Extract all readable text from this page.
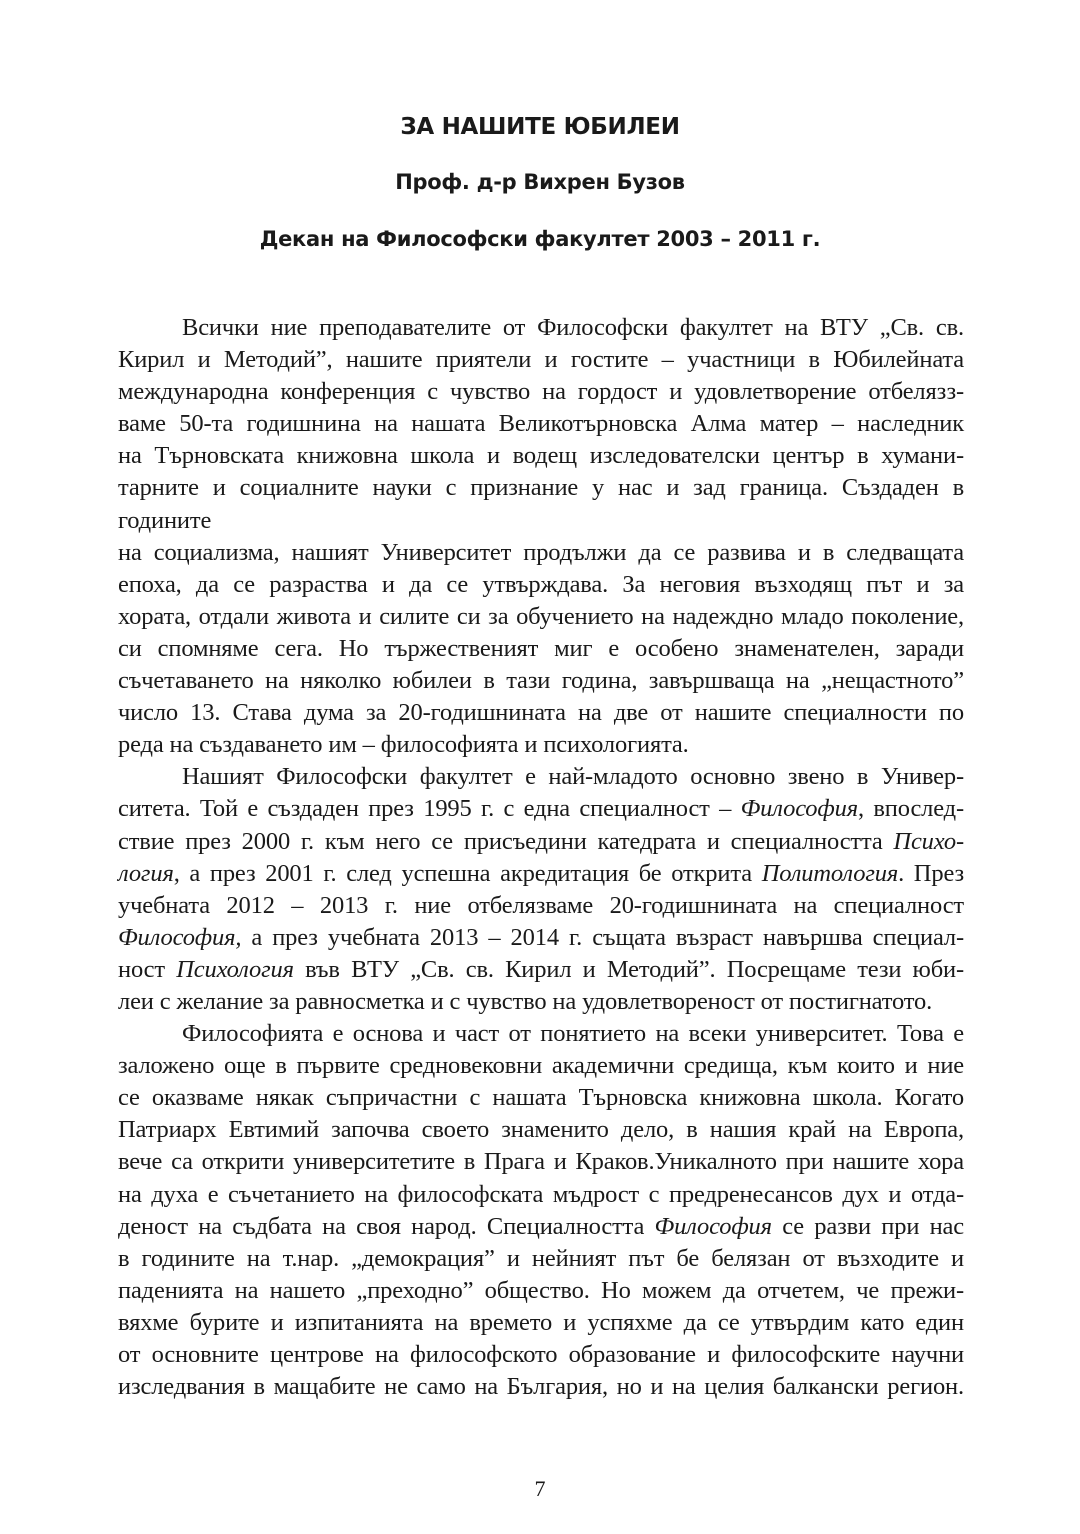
ЗА НАШИТЕ ЮБИЛЕИ
Проф. д-р Вихрен Бузов
Декан на Философски факултет 2003 – 2011 г.
Всички ние преподавателите от Философски факултет на ВТУ „Св. св.
Кирил и Методий”, нашите приятели и гостите – участници в Юбилейната
международна конференция с чувство на гордост и удовлетворение отбелязз-
ваме 50-та годишнина на нашата Великотърновска Алма матер – наследник
на Търновската книжовна школа и водещ изследователски център в хумани-
тарните и социалните науки с признание у нас и зад граница. Създаден в годините
на социализма, нашият Университет продължи да се развива и в следващата
епоха, да се разраства и да се утвърждава. За неговия възходящ път и за
хората, отдали живота и силите си за обучението на надеждно младо поколение,
си спомняме сега. Но тържественият миг е особено знаменателен, заради
съчетаването на няколко юбилеи в тази година, завършваща на „нещастното”
число 13. Става дума за 20-годишнината на две от нашите специалности по
реда на създаването им – философията и психологията.
Нашият Философски факултет е най-младото основно звено в Универ-
ситета. Той е създаден през 1995 г. с една специалност – Философия, впослед-
ствие през 2000 г. към него се присъедини катедрата и специалността Психо-
логия, а през 2001 г. след успешна акредитация бе открита Политология. През
учебната 2012 – 2013 г. ние отбелязваме 20-годишнината на специалност
Философия, а през учебната 2013 – 2014 г. същата възраст навършва специал-
ност Психология във ВТУ „Св. св. Кирил и Методий”. Посрещаме тези юби-
леи с желание за равносметка и с чувство на удовлетвореност от постигнатото.
Философията е основа и част от понятието на всеки университет. Това е
заложено още в първите средновековни академични средища, към които и ние
се оказваме някак съпричастни с нашата Търновска книжовна школа. Когато
Патриарх Евтимий започва своето знаменито дело, в нашия край на Европа,
вече са открити университетите в Прага и Краков.Уникалното при нашите хора
на духа е съчетанието на философската мъдрост с предренесансов дух и отда-
деност на съдбата на своя народ. Специалността Философия се разви при нас
в годините на т.нар. „демокрация” и нейният път бе белязан от възходите и
паденията на нашето „преходно” общество. Но можем да отчетем, че прежи-
вяхме бурите и изпитанията на времето и успяхме да се утвърдим като един
от основните центрове на философското образование и философските научни
изследвания в мащабите не само на България, но и на целия балкански регион.
7
